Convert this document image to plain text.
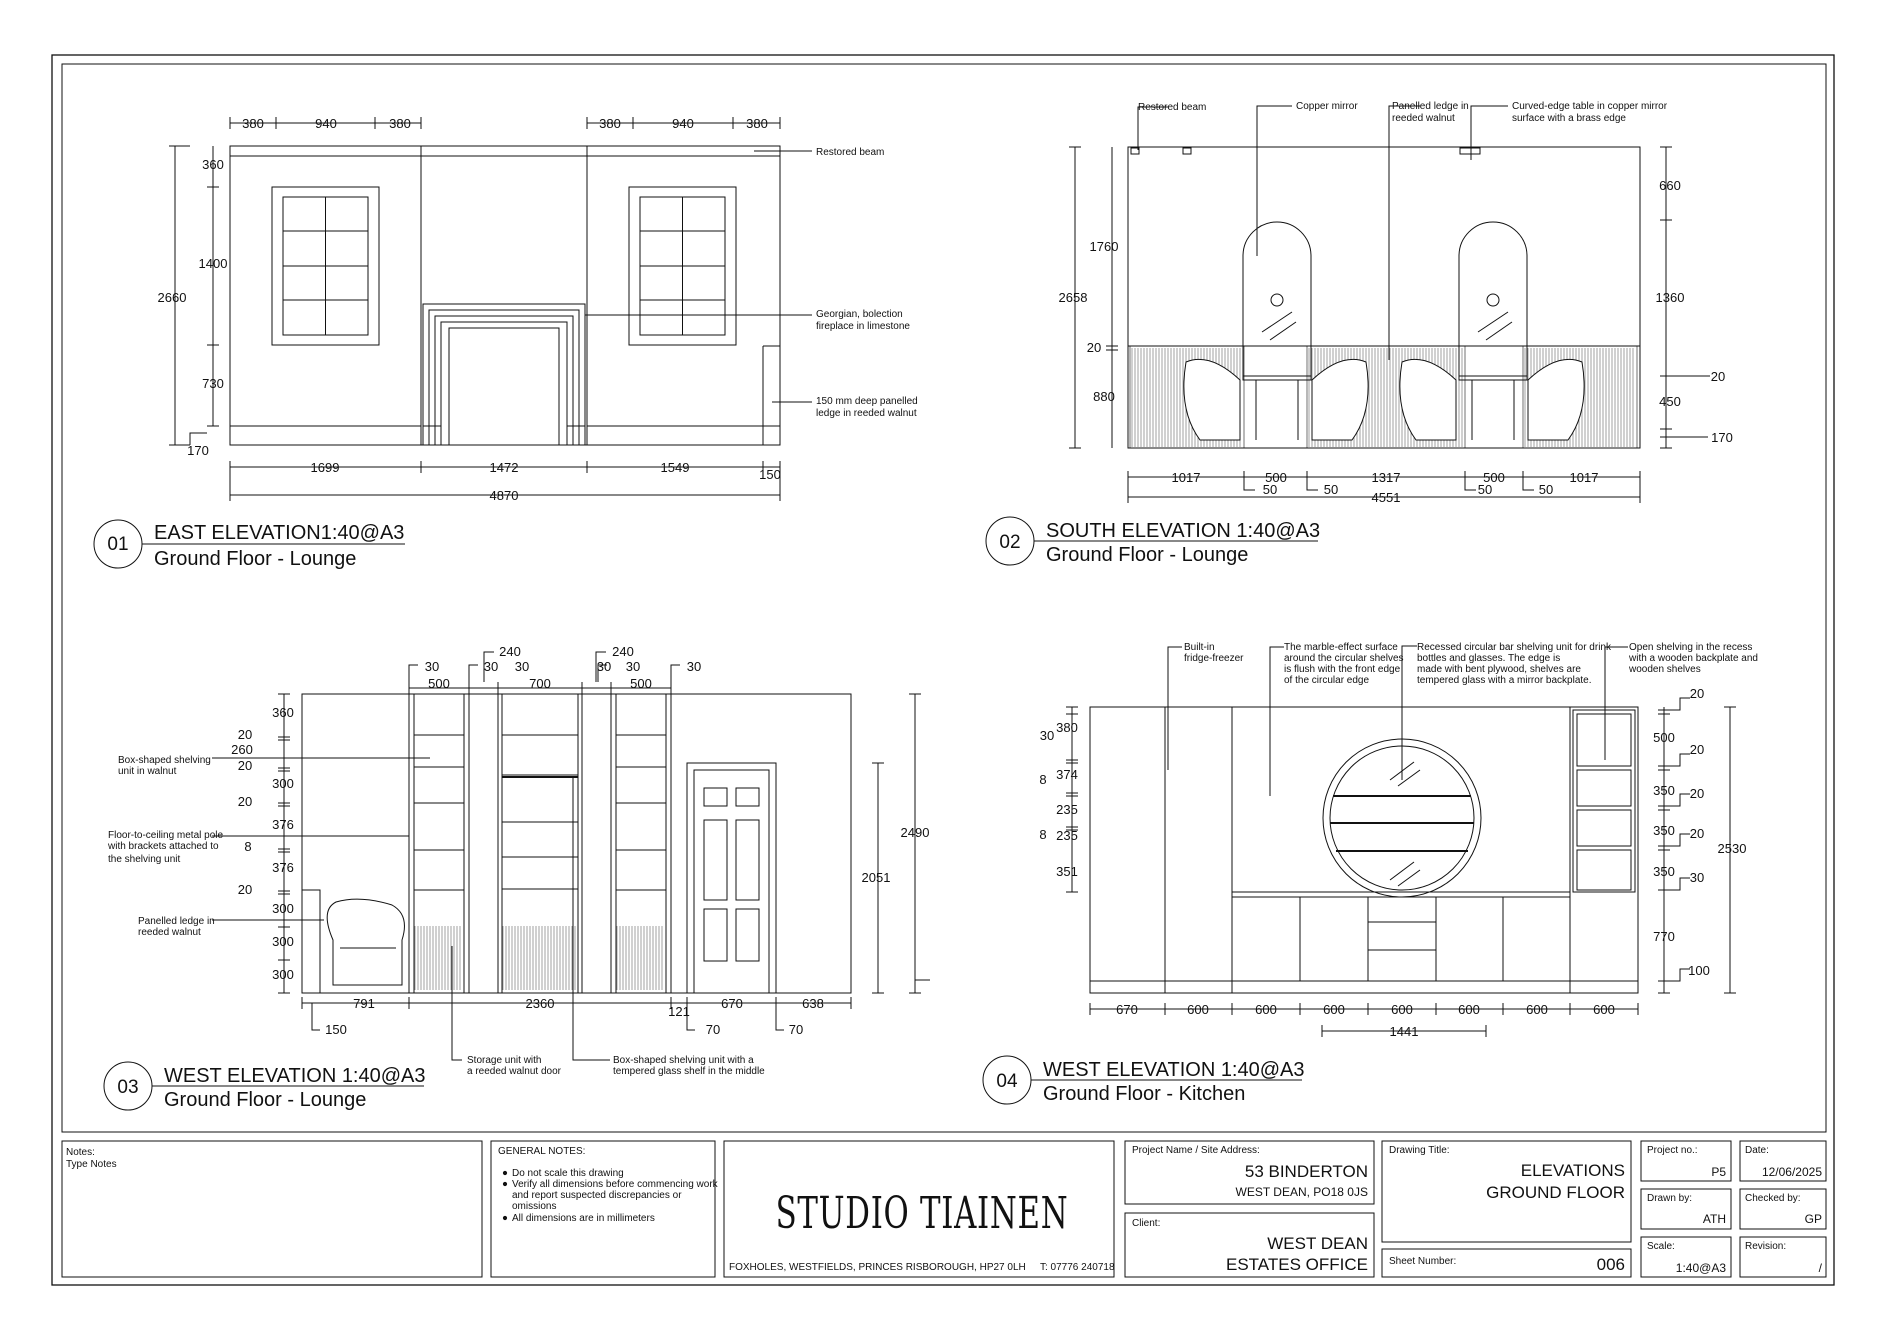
01
EAST ELEVATION1:40@A3
Ground Floor - Lounge
02
SOUTH ELEVATION 1:40@A3
Ground Floor - Lounge
03
WEST ELEVATION 1:40@A3
Ground Floor - Lounge
04
WEST ELEVATION 1:40@A3
Ground Floor - Kitchen
380	940	380	380	940	380
360
1400
730
170
2660
1699	1472	1549	150
4870
Restored beam
Georgian, bolection
fireplace in limestone
150 mm deep panelled
ledge in reeded walnut
Restored beam	Copper mirror	Panelled ledge in
reeded walnut
Curved-edge table in copper mirror
surface with a brass edge
1760
20
880
2658
660
1360
20
450
170
1017	500	1317	500	1017
50	50	50	50
4551
30
500
240
30 30
700
240
30 30
500
30
360
20
260
20
300
20
376
8
376
20
300
300
300
2490
2051
791	2360
121
670	638
150	70	70
Box-shaped shelving
unit in walnut
Floor-to-ceiling metal pole
with brackets attached to
the shelving unit
Panelled ledge in
reeded walnut
Storage unit with
a reeded walnut door
Box-shaped shelving unit with a
tempered glass shelf in the middle
Built-in
fridge-freezer
The marble-effect surface
around the circular shelves
is flush with the front edge
of the circular edge
Recessed circular bar shelving unit for drink
bottles and glasses. The edge is
made with bent plywood, shelves are
tempered glass with a mirror backplate.
Open shelving in the recess
with a wooden backplate and
wooden shelves
30
380
374
8
235
8 235
351
20
500
20
350 20
350 20
350 30
770
100
2530
670	600	600	600	600	600	600	600
1441
Notes:
Type Notes
GENERAL NOTES:
Do not scale this drawing
Verify all dimensions before commencing work
and report suspected discrepancies or
omissions
All dimensions are in millimeters	STUDIO TIAINEN
FOXHOLES, WESTFIELDS, PRINCES RISBOROUGH, HP27 0LH T: 07776 240718
Project Name / Site Address:
53 BINDERTON
WEST DEAN, PO18 0JS
Client:
WEST DEAN
ESTATES OFFICE
Drawing Title:
ELEVATIONS
GROUND FLOOR
Sheet Number:	006
Project no.:
P5
Date:
12/06/2025
Drawn by:
ATH
Checked by:
GP
Scale:
1:40@A3
Revision:
/
